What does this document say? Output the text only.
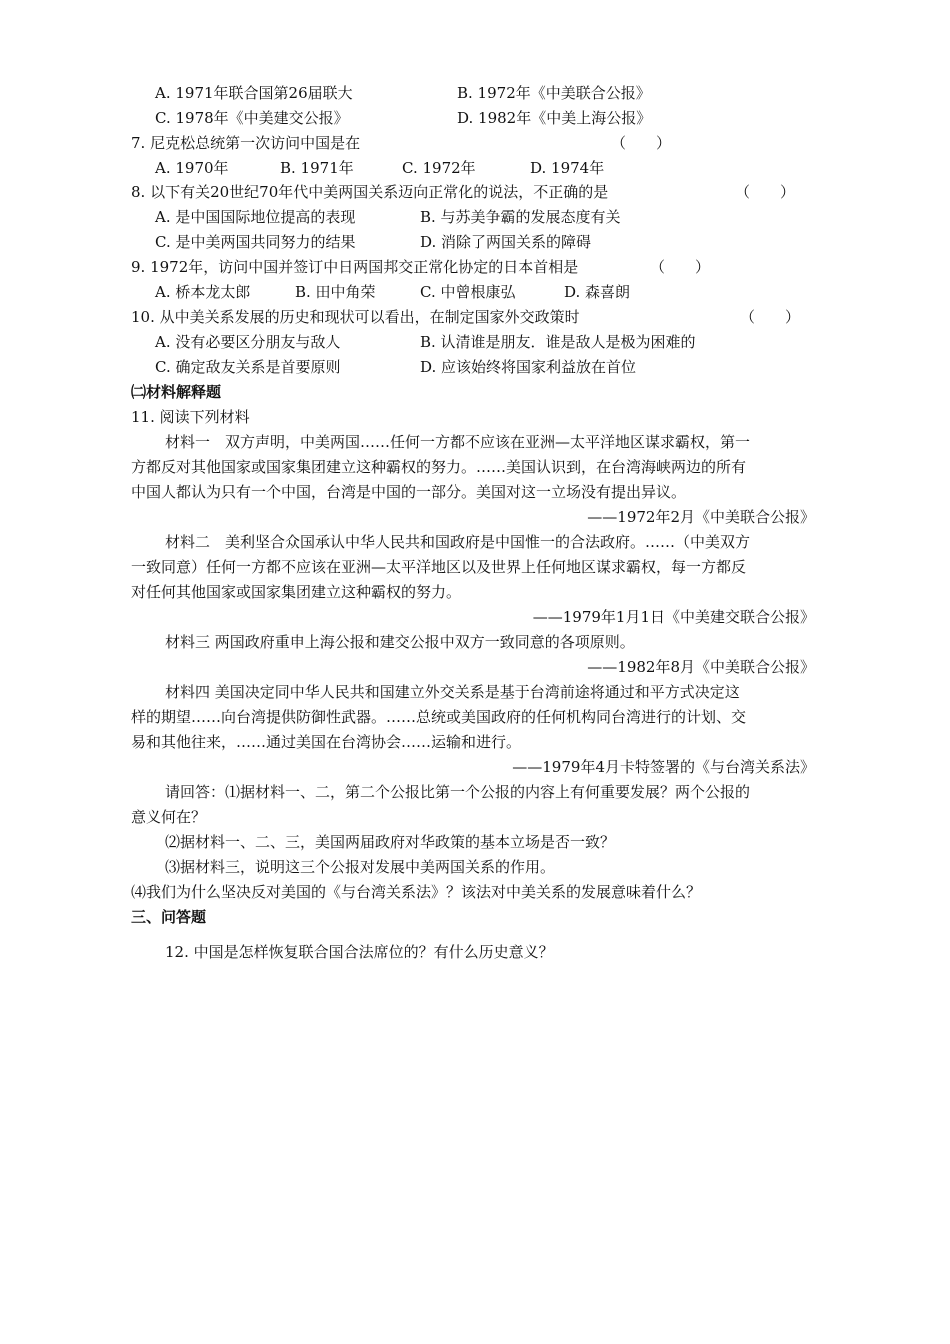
A. 1971年联合国第26届联大	B. 1972年《中美联合公报》
C. 1978年《中美建交公报》	D. 1982年《中美上海公报》
7. 尼克松总统第一次访问中国是在	（　　）
A. 1970年	B. 1971年	C. 1972年	D. 1974年
8. 以下有关20世纪70年代中美两国关系迈向正常化的说法，不正确的是	（　　）
A. 是中国国际地位提高的表现	B. 与苏美争霸的发展态度有关
C. 是中美两国共同努力的结果	D. 消除了两国关系的障碍
9. 1972年，访问中国并签订中日两国邦交正常化协定的日本首相是	（　　）
A. 桥本龙太郎	B. 田中角荣	C. 中曾根康弘	D. 森喜朗
10. 从中美关系发展的历史和现状可以看出，在制定国家外交政策时	（　　）
A. 没有必要区分朋友与敌人	B. 认清谁是朋友．谁是敌人是极为困难的
C. 确定敌友关系是首要原则	D. 应该始终将国家利益放在首位
㈡材料解释题
11. 阅读下列材料
材料一　双方声明，中美两国……任何一方都不应该在亚洲—太平洋地区谋求霸权，第一
方都反对其他国家或国家集团建立这种霸权的努力。……美国认识到，在台湾海峡两边的所有
中国人都认为只有一个中国，台湾是中国的一部分。美国对这一立场没有提出异议。
——1972年2月《中美联合公报》
材料二　美利坚合众国承认中华人民共和国政府是中国惟一的合法政府。……（中美双方
一致同意）任何一方都不应该在亚洲—太平洋地区以及世界上任何地区谋求霸权，每一方都反
对任何其他国家或国家集团建立这种霸权的努力。
——1979年1月1日《中美建交联合公报》
材料三 两国政府重申上海公报和建交公报中双方一致同意的各项原则。
——1982年8月《中美联合公报》
材料四 美国决定同中华人民共和国建立外交关系是基于台湾前途将通过和平方式决定这
样的期望……向台湾提供防御性武器。……总统或美国政府的任何机构同台湾进行的计划、交
易和其他往来，……通过美国在台湾协会……运输和进行。
——1979年4月卡特签署的《与台湾关系法》
请回答：⑴据材料一、二，第二个公报比第一个公报的内容上有何重要发展？两个公报的
意义何在？
⑵据材料一、二、三，美国两届政府对华政策的基本立场是否一致？
⑶据材料三，说明这三个公报对发展中美两国关系的作用。
⑷我们为什么坚决反对美国的《与台湾关系法》？该法对中美关系的发展意味着什么？
三、问答题
12. 中国是怎样恢复联合国合法席位的？有什么历史意义？
